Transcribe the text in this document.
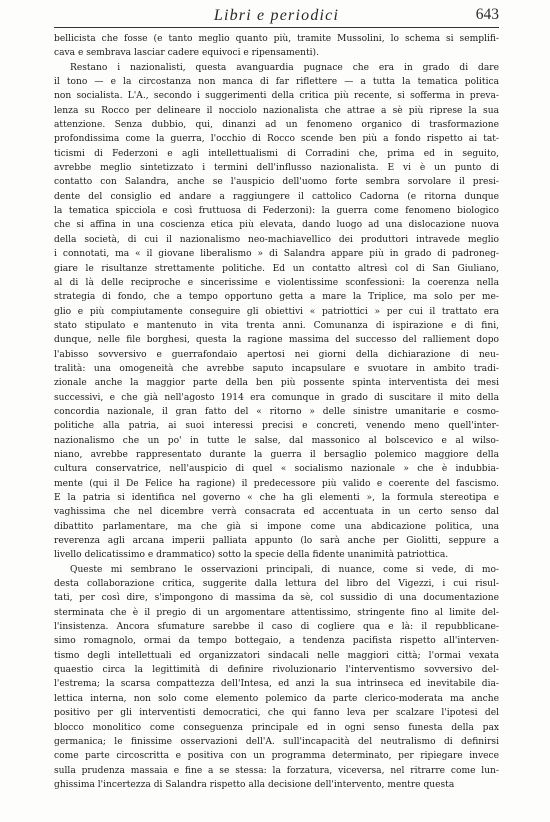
Libri e periodici	643
bellicista che fosse (e tanto meglio quanto più, tramite Mussolini, lo schema si semplifi-
cava e sembrava lasciar cadere equivoci e ripensamenti).
Restano i nazionalisti, questa avanguardia pugnace che era in grado di dare
il tono — e la circostanza non manca di far riflettere — a tutta la tematica politica
non socialista. L'A., secondo i suggerimenti della critica più recente, si sofferma in preva-
lenza su Rocco per delineare il nocciolo nazionalista che attrae a sè più riprese la sua
attenzione. Senza dubbio, qui, dinanzi ad un fenomeno organico di trasformazione
profondissima come la guerra, l'occhio di Rocco scende ben più a fondo rispetto ai tat-
ticismi di Federzoni e agli intellettualismi di Corradini che, prima ed in seguito,
avrebbe meglio sintetizzato i termini dell'influsso nazionalista. E vi è un punto di
contatto con Salandra, anche se l'auspicio dell'uomo forte sembra sorvolare il presi-
dente del consiglio ed andare a raggiungere il cattolico Cadorna (e ritorna dunque
la tematica spicciola e così fruttuosa di Federzoni): la guerra come fenomeno biologico
che si affina in una coscienza etica più elevata, dando luogo ad una dislocazione nuova
della società, di cui il nazionalismo neo-machiavellico dei produttori intravede meglio
i connotati, ma « il giovane liberalismo » di Salandra appare più in grado di padroneg-
giare le risultanze strettamente politiche. Ed un contatto altresì col di San Giuliano,
al di là delle reciproche e sincerissime e violentissime sconfessioni: la coerenza nella
strategia di fondo, che a tempo opportuno getta a mare la Triplice, ma solo per me-
glio e più compiutamente conseguire gli obiettivi « patriottici » per cui il trattato era
stato stipulato e mantenuto in vita trenta anni. Comunanza di ispirazione e di fini,
dunque, nelle file borghesi, questa la ragione massima del successo del ralliement dopo
l'abisso sovversivo e guerrafondaio apertosi nei giorni della dichiarazione di neu-
tralità: una omogeneità che avrebbe saputo incapsulare e svuotare in ambito tradi-
zionale anche la maggior parte della ben più possente spinta interventista dei mesi
successivi, e che già nell'agosto 1914 era comunque in grado di suscitare il mito della
concordia nazionale, il gran fatto del « ritorno » delle sinistre umanitarie e cosmo-
politiche alla patria, ai suoi interessi precisi e concreti, venendo meno quell'inter-
nazionalismo che un po' in tutte le salse, dal massonico al bolscevico e al wilso-
niano, avrebbe rappresentato durante la guerra il bersaglio polemico maggiore della
cultura conservatrice, nell'auspicio di quel « socialismo nazionale » che è indubbia-
mente (qui il De Felice ha ragione) il predecessore più valido e coerente del fascismo.
E la patria si identifica nel governo « che ha gli elementi », la formula stereotipa e
vaghissima che nel dicembre verrà consacrata ed accentuata in un certo senso dal
dibattito parlamentare, ma che già si impone come una abdicazione politica, una
reverenza agli arcana imperii palliata appunto (lo sarà anche per Giolitti, seppure a
livello delicatissimo e drammatico) sotto la specie della fidente unanimità patriottica.
Queste mi sembrano le osservazioni principali, di nuance, come si vede, di mo-
desta collaborazione critica, suggerite dalla lettura del libro del Vigezzi, i cui risul-
tati, per così dire, s'impongono di massima da sè, col sussidio di una documentazione
sterminata che è il pregio di un argomentare attentissimo, stringente fino al limite del-
l'insistenza. Ancora sfumature sarebbe il caso di cogliere qua e là: il repubblicane-
simo romagnolo, ormai da tempo bottegaio, a tendenza pacifista rispetto all'interven-
tismo degli intellettuali ed organizzatori sindacali nelle maggiori città; l'ormai vexata
quaestio circa la legittimità di definire rivoluzionario l'interventismo sovversivo del-
l'estrema; la scarsa compattezza dell'Intesa, ed anzi la sua intrinseca ed inevitabile dia-
lettica interna, non solo come elemento polemico da parte clerico-moderata ma anche
positivo per gli interventisti democratici, che qui fanno leva per scalzare l'ipotesi del
blocco monolitico come conseguenza principale ed in ogni senso funesta della pax
germanica; le finissime osservazioni dell'A. sull'incapacità del neutralismo di definirsi
come parte circoscritta e positiva con un programma determinato, per ripiegare invece
sulla prudenza massaia e fine a se stessa: la forzatura, viceversa, nel ritrarre come lun-
ghissima l'incertezza di Salandra rispetto alla decisione dell'intervento, mentre questa
